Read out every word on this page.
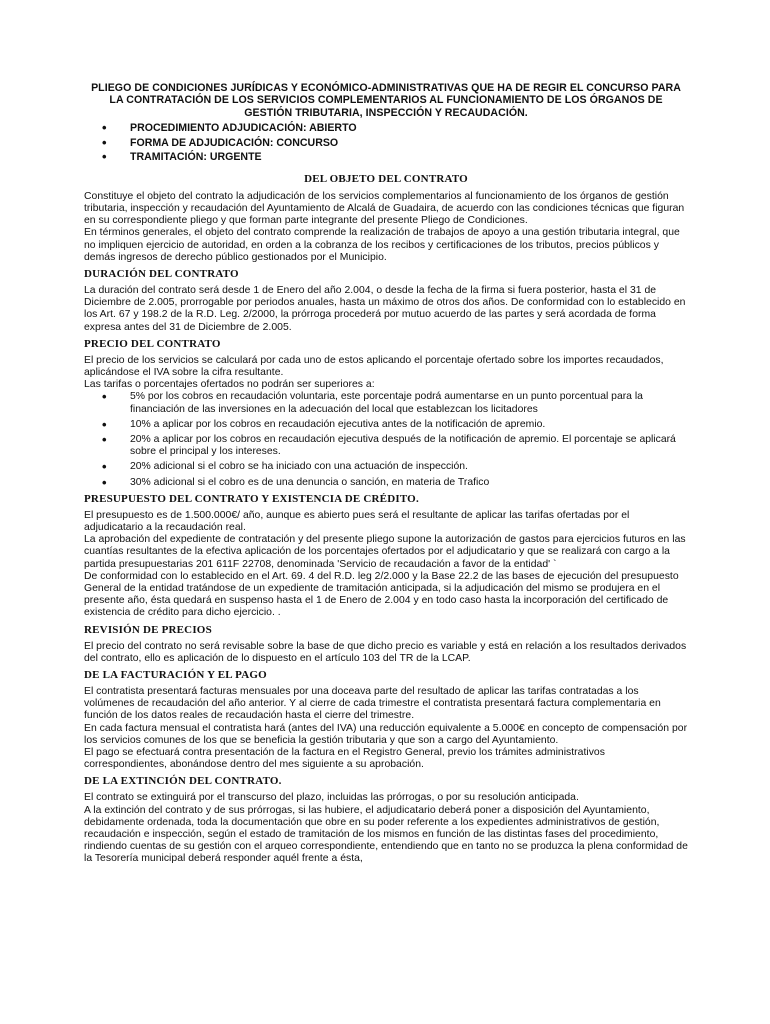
PLIEGO DE CONDICIONES JURÍDICAS Y ECONÓMICO-ADMINISTRATIVAS QUE HA DE REGIR EL CONCURSO PARA LA CONTRATACIÓN DE LOS SERVICIOS COMPLEMENTARIOS AL FUNCIONAMIENTO DE LOS ÓRGANOS DE GESTIÓN TRIBUTARIA, INSPECCIÓN Y RECAUDACIÓN.
• PROCEDIMIENTO ADJUDICACIÓN: ABIERTO
• FORMA DE ADJUDICACIÓN: CONCURSO
• TRAMITACIÓN: URGENTE
DEL OBJETO DEL CONTRATO

Constituye el objeto del contrato la adjudicación de los servicios complementarios al funcionamiento de los órganos de gestión tributaria, inspección y recaudación del Ayuntamiento de Alcalá de Guadaira, de acuerdo con las condiciones técnicas que figuran en su correspondiente pliego y que forman parte integrante del presente Pliego de Condiciones.

En términos generales, el objeto del contrato comprende la realización de trabajos de apoyo a una gestión tributaria integral, que no impliquen ejercicio de autoridad, en orden a la cobranza de los recibos y certificaciones de los tributos, precios públicos y demás ingresos de derecho público gestionados por el Municipio.

DURACIÓN DEL CONTRATO

La duración del contrato será desde 1 de Enero del año 2.004, o desde la fecha de la firma si fuera posterior, hasta el 31 de Diciembre de 2.005, prorrogable por periodos anuales, hasta un máximo de otros dos años. De conformidad con lo establecido en los Art. 67 y 198.2 de la R.D. Leg. 2/2000, la prórroga procederá por mutuo acuerdo de las partes y será acordada de forma expresa antes del 31 de Diciembre de 2.005.

PRECIO DEL CONTRATO

El precio de los servicios se calculará por cada uno de estos aplicando el porcentaje ofertado sobre los importes recaudados, aplicándose el IVA sobre la cifra resultante.

Las tarifas o porcentajes ofertados no podrán ser superiores a:

• 5% por los cobros en recaudación voluntaria, este porcentaje podrá aumentarse en un punto porcentual para la financiación de las inversiones en la adecuación del local que establezcan los licitadores
• 10% a aplicar por los cobros en recaudación ejecutiva antes de la notificación de apremio.
• 20% a aplicar por los cobros en recaudación ejecutiva después de la notificación de apremio. El porcentaje se aplicará sobre el principal y los intereses.
• 20% adicional si el cobro se ha iniciado con una actuación de inspección.
• 30% adicional si el cobro es de una denuncia o sanción, en materia de Trafico
PRESUPUESTO DEL CONTRATO Y EXISTENCIA DE CRÉDITO.

El presupuesto es de 1.500.000€/ año, aunque es abierto pues será el resultante de aplicar las tarifas ofertadas por el adjudicatario a la recaudación real.

La aprobación del expediente de contratación y del presente pliego supone la autorización de gastos para ejercicios futuros en las cuantías resultantes de la efectiva aplicación de los porcentajes ofertados por el adjudicatario y que se realizará con cargo a la partida presupuestarias 201 611F 22708, denominada 'Servicio de recaudación a favor de la entidad' `

De conformidad con lo establecido en el Art. 69. 4 del R.D. leg 2/2.000 y la Base 22.2 de las bases de ejecución del presupuesto General de la entidad tratándose de un expediente de tramitación anticipada, si la adjudicación del mismo se produjera en el presente año, ésta quedará en suspenso hasta el 1 de Enero de 2.004 y en todo caso hasta la incorporación del certificado de existencia de crédito para dicho ejercicio. .

REVISIÓN DE PRECIOS

El precio del contrato no será revisable sobre la base de que dicho precio es variable y está en relación a los resultados derivados del contrato, ello es aplicación de lo dispuesto en el artículo 103 del TR de la LCAP.

DE LA FACTURACIÓN Y EL PAGO

El contratista presentará facturas mensuales por una doceava parte del resultado de aplicar las tarifas contratadas a los volúmenes de recaudación del año anterior. Y al cierre de cada trimestre el contratista presentará factura complementaria en función de los datos reales de recaudación hasta el cierre del trimestre.

En cada factura mensual el contratista hará (antes del IVA) una reducción equivalente a 5.000€ en concepto de compensación por los servicios comunes de los que se beneficia la gestión tributaria y que son a cargo del Ayuntamiento.

El pago se efectuará contra presentación de la factura en el Registro General, previo los trámites administrativos correspondientes, abonándose dentro del mes siguiente a su aprobación.

DE LA EXTINCIÓN DEL CONTRATO.

El contrato se extinguirá por el transcurso del plazo, incluidas las prórrogas, o por su resolución anticipada.

A la extinción del contrato y de sus prórrogas, si las hubiere, el adjudicatario deberá poner a disposición del Ayuntamiento, debidamente ordenada, toda la documentación que obre en su poder referente a los expedientes administrativos de gestión, recaudación e inspección, según el estado de tramitación de los mismos en función de las distintas fases del procedimiento, rindiendo cuentas de su gestión con el arqueo correspondiente, entendiendo que en tanto no se produzca la plena conformidad de la Tesorería municipal deberá responder aquél frente a ésta,
